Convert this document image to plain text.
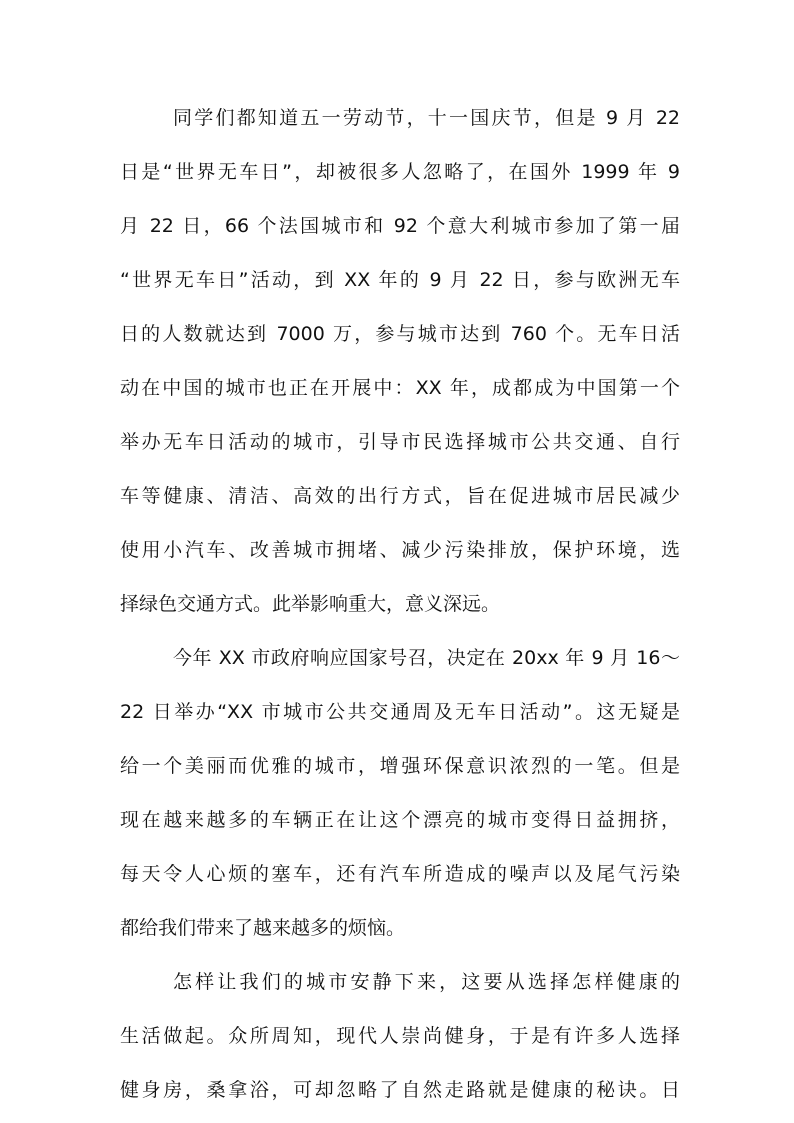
同学们都知道五一劳动节，十一国庆节，但是 9 月 22
日是“世界无车日”，却被很多人忽略了，在国外 1999 年 9
月 22 日，66 个法国城市和 92 个意大利城市参加了第一届
“世界无车日”活动，到 XX 年的 9 月 22 日，参与欧洲无车
日的人数就达到 7000 万，参与城市达到 760 个。无车日活
动在中国的城市也正在开展中：XX 年，成都成为中国第一个
举办无车日活动的城市，引导市民选择城市公共交通、自行
车等健康、清洁、高效的出行方式，旨在促进城市居民减少
使用小汽车、改善城市拥堵、减少污染排放，保护环境，选
择绿色交通方式。此举影响重大，意义深远。
今年 XX 市政府响应国家号召，决定在 20xx 年 9 月 16～
22 日举办“XX 市城市公共交通周及无车日活动”。这无疑是
给一个美丽而优雅的城市，增强环保意识浓烈的一笔。但是
现在越来越多的车辆正在让这个漂亮的城市变得日益拥挤，
每天令人心烦的塞车，还有汽车所造成的噪声以及尾气污染
都给我们带来了越来越多的烦恼。
怎样让我们的城市安静下来，这要从选择怎样健康的
生活做起。众所周知，现代人崇尚健身，于是有许多人选择
健身房，桑拿浴，可却忽略了自然走路就是健康的秘诀。日
